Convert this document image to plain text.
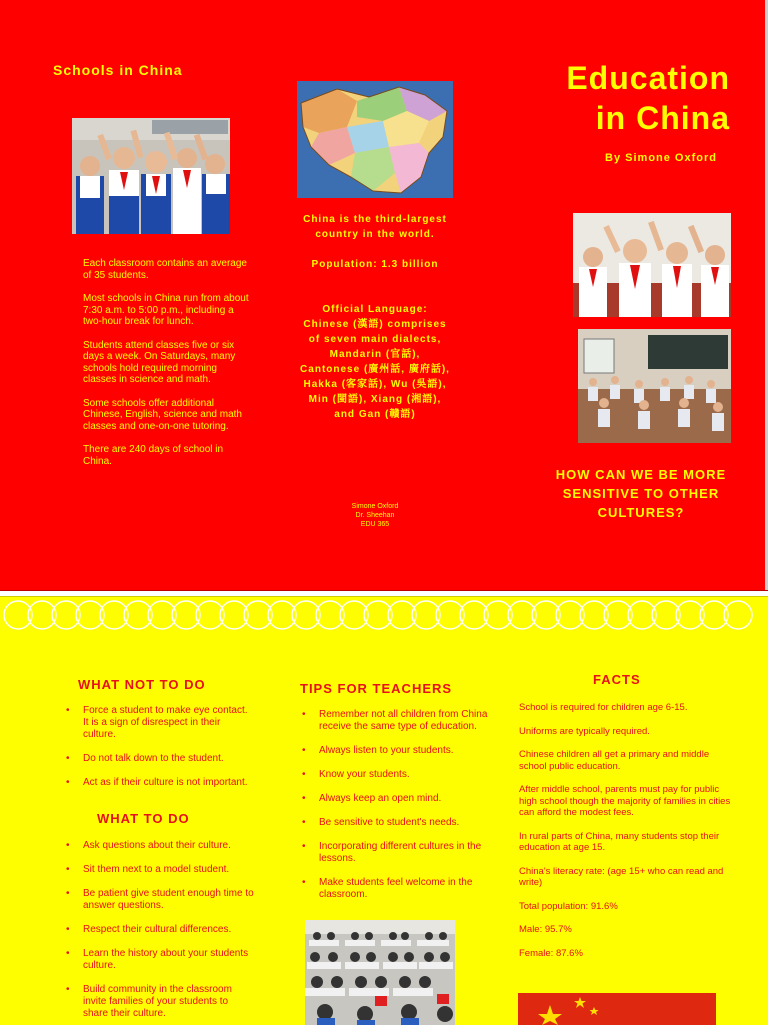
Schools in China

Each classroom contains an average of 35 students.

Most schools in China run from about 7:30 a.m. to 5:00 p.m., including a two-hour break for lunch.

Students attend classes five or six days a week. On Saturdays, many schools hold required morning classes in science and math.

Some schools offer additional Chinese, English, science and math classes and one-on-one tutoring.

There are 240 days of school in China.

China is the third-largest country in the world.

Population: 1.3 billion

Official Language: Chinese (漢語) comprises of seven main dialects, Mandarin (官話), Cantonese (廣州話, 廣府話), Hakka (客家話), Wu (吳語), Min (閩語), Xiang (湘語), and Gan (贛語)

Simone Oxford

Dr. Sheehan

EDU 365

Education

in China

By Simone Oxford
HOW CAN WE BE MORE SENSITIVE TO OTHER CULTURES?
WHAT NOT TO DO
• Force a student to make eye contact. It is a sign of disrespect in their culture.
• Do not talk down to the student.
• Act as if their culture is not important.
WHAT TO DO
• Ask questions about their culture.
• Sit them next to a model student.
• Be patient give student enough time to answer questions.
• Respect their cultural differences.
• Learn the history about your students culture.
• Build community in the classroom invite families of your students to share their culture.
TIPS FOR TEACHERS
• Remember not all children from China receive the same type of education.
• Always listen to your students.
• Know your students.
• Always keep an open mind.
• Be sensitive to student's needs.
• Incorporating different cultures in the lessons.
• Make students feel welcome in the classroom.
FACTS

School is required for children age 6-15.

Uniforms are typically required.

Chinese children all get a primary and middle school public education.

After middle school, parents must pay for public high school though the majority of families in cities can afford the modest fees.

In rural parts of China, many students stop their education at age 15.

China's literacy rate: (age 15+ who can read and write)

Total population: 91.6%

Male: 95.7%

Female: 87.6%
